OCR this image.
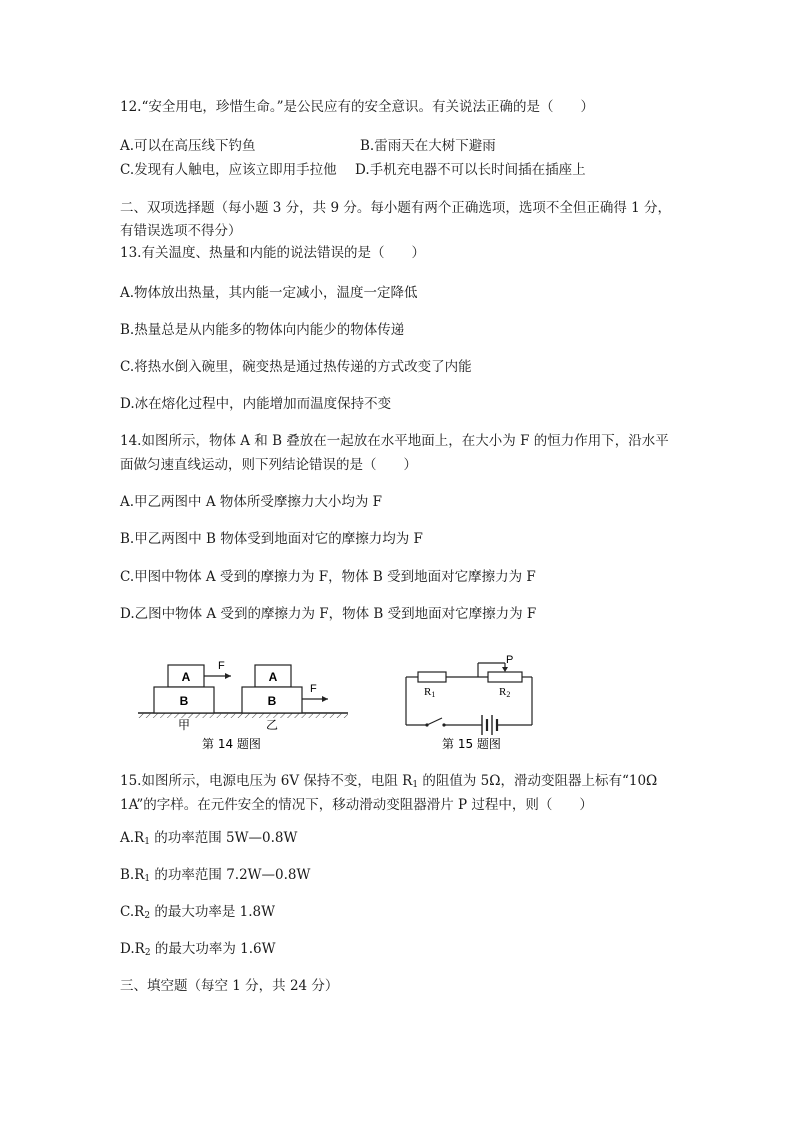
12.“安全用电，珍惜生命。”是公民应有的安全意识。有关说法正确的是（　　）
A.可以在高压线下钓鱼	B.雷雨天在大树下避雨
C.发现有人触电，应该立即用手拉他 D.手机充电器不可以长时间插在插座上
二、双项选择题（每小题 3 分，共 9 分。每小题有两个正确选项，选项不全但正确得 1 分，
有错误选项不得分）
13.有关温度、热量和内能的说法错误的是（　　）
A.物体放出热量，其内能一定减小，温度一定降低
B.热量总是从内能多的物体向内能少的物体传递
C.将热水倒入碗里，碗变热是通过热传递的方式改变了内能
D.冰在熔化过程中，内能增加而温度保持不变
14.如图所示，物体 A 和 B 叠放在一起放在水平地面上，在大小为 F 的恒力作用下，沿水平
面做匀速直线运动，则下列结论错误的是（　　）
A.甲乙两图中 A 物体所受摩擦力大小均为 F
B.甲乙两图中 B 物体受到地面对它的摩擦力均为 F
C.甲图中物体 A 受到的摩擦力为 F，物体 B 受到地面对它摩擦力为 F
D.乙图中物体 A 受到的摩擦力为 F，物体 B 受到地面对它摩擦力为 F
A
B
F
甲
A
B
F
乙
第 14 题图
P
R1	R2
第 15 题图
15.如图所示，电源电压为 6V 保持不变，电阻 $R_1$ 的阻值为 5Ω，滑动变阻器上标有“10Ω
1A”的字样。在元件安全的情况下，移动滑动变阻器滑片 P 过程中，则（　　）
$A.R_1$ 的功率范围 5W—0.8W
$B.R_1$ 的功率范围 7.2W—0.8W
$C.R_2$ 的最大功率是 1.8W
$D.R_2$ 的最大功率为 1.6W
三、填空题（每空 1 分，共 24 分）
